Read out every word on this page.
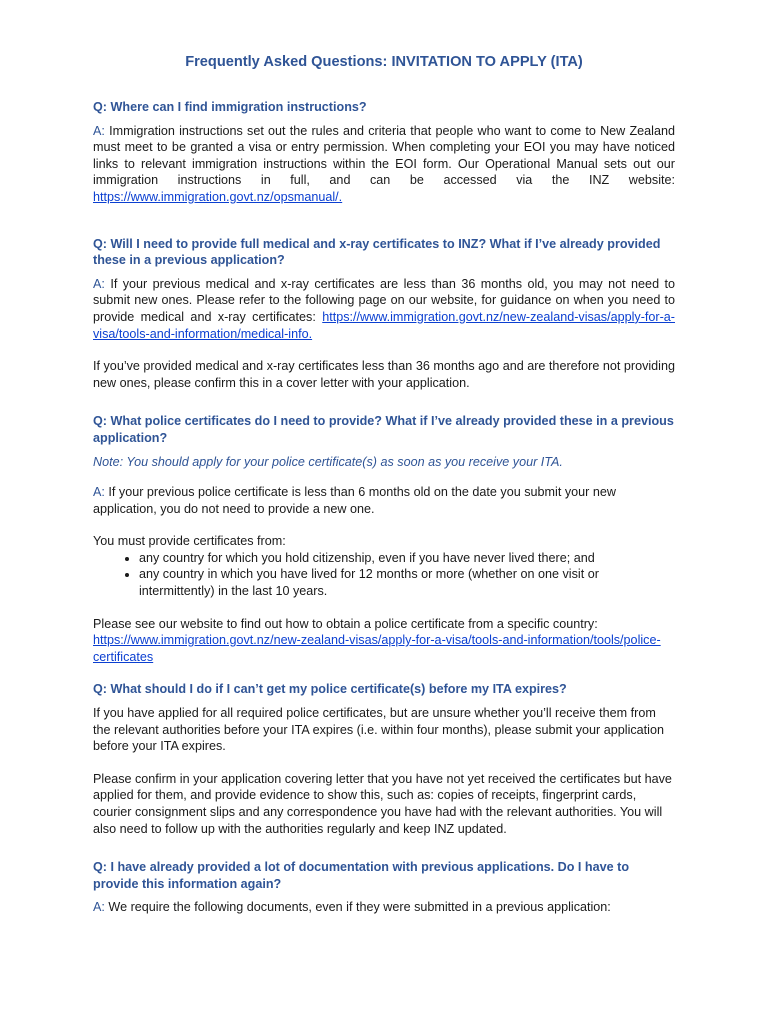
Frequently Asked Questions: INVITATION TO APPLY (ITA)
Q: Where can I find immigration instructions?
A: Immigration instructions set out the rules and criteria that people who want to come to New Zealand must meet to be granted a visa or entry permission. When completing your EOI you may have noticed links to relevant immigration instructions within the EOI form. Our Operational Manual sets out our immigration instructions in full, and can be accessed via the INZ website: https://www.immigration.govt.nz/opsmanual/.
Q: Will I need to provide full medical and x-ray certificates to INZ? What if I’ve already provided these in a previous application?
A: If your previous medical and x-ray certificates are less than 36 months old, you may not need to submit new ones. Please refer to the following page on our website, for guidance on when you need to provide medical and x-ray certificates: https://www.immigration.govt.nz/new-zealand-visas/apply-for-a-visa/tools-and-information/medical-info.
If you’ve provided medical and x-ray certificates less than 36 months ago and are therefore not providing new ones, please confirm this in a cover letter with your application.
Q: What police certificates do I need to provide? What if I’ve already provided these in a previous application?
Note: You should apply for your police certificate(s) as soon as you receive your ITA.
A: If your previous police certificate is less than 6 months old on the date you submit your new application, you do not need to provide a new one.
You must provide certificates from:
• any country for which you hold citizenship, even if you have never lived there; and
• any country in which you have lived for 12 months or more (whether on one visit or intermittently) in the last 10 years.
Please see our website to find out how to obtain a police certificate from a specific country:
https://www.immigration.govt.nz/new-zealand-visas/apply-for-a-visa/tools-and-information/tools/police-certificates
Q: What should I do if I can’t get my police certificate(s) before my ITA expires?
If you have applied for all required police certificates, but are unsure whether you’ll receive them from the relevant authorities before your ITA expires (i.e. within four months), please submit your application before your ITA expires.
Please confirm in your application covering letter that you have not yet received the certificates but have applied for them, and provide evidence to show this, such as: copies of receipts, fingerprint cards, courier consignment slips and any correspondence you have had with the relevant authorities. You will also need to follow up with the authorities regularly and keep INZ updated.
Q: I have already provided a lot of documentation with previous applications. Do I have to provide this information again?
A: We require the following documents, even if they were submitted in a previous application:
